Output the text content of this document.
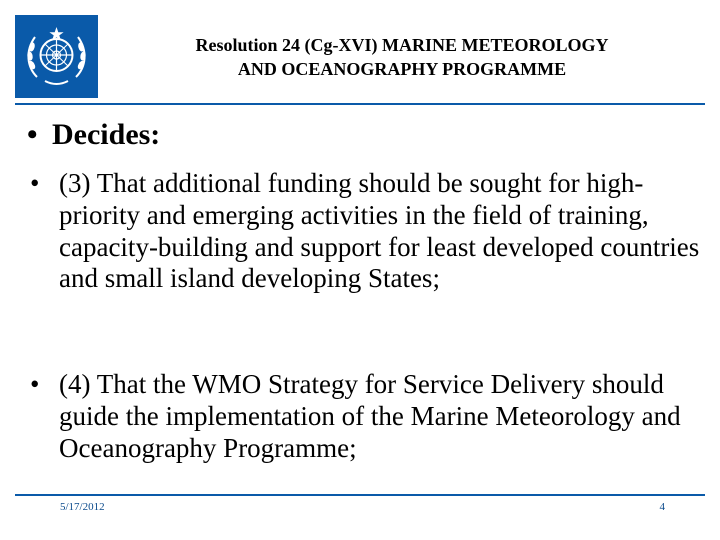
Resolution 24 (Cg-XVI) MARINE METEOROLOGY
AND OCEANOGRAPHY PROGRAMME
• Decides:
• (3) That additional funding should be sought for high-priority and emerging activities in the field of training, capacity-building and support for least developed countries and small island developing States;
• (4) That the WMO Strategy for Service Delivery should guide the implementation of the Marine Meteorology and Oceanography Programme;
5/17/2012	4
